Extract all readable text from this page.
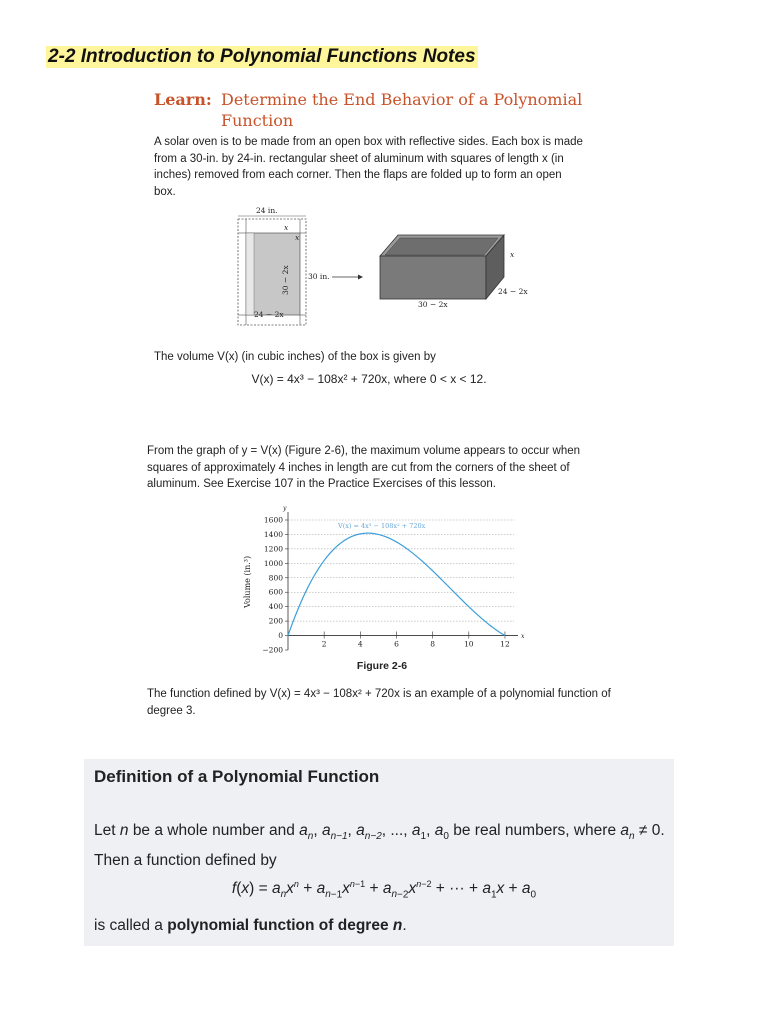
2-2 Introduction to Polynomial Functions Notes
Learn: Determine the End Behavior of a Polynomial Function
A solar oven is to be made from an open box with reflective sides. Each box is made from a 30-in. by 24-in. rectangular sheet of aluminum with squares of length x (in inches) removed from each corner. Then the flaps are folded up to form an open box.
24 in.
x
x
30 − 2x
24 − 2x
30 in.
x
30 − 2x
24 − 2x
The volume V(x) (in cubic inches) of the box is given by
V(x) = 4x³ − 108x² + 720x, where 0 < x < 12.
From the graph of y = V(x) (Figure 2-6), the maximum volume appears to occur when squares of approximately 4 inches in length are cut from the corners of the sheet of aluminum. See Exercise 107 in the Practice Exercises of this lesson.
−200
0
200
400
600
800
1000
1200
1400
1600
2	4	6	8	10	12
V(x) = 4x³ − 108x² + 720x
Volume (in.³)
y
x
Figure 2-6
The function defined by V(x) = 4x³ − 108x² + 720x is an example of a polynomial function of degree 3.
Definition of a Polynomial Function
Let n be a whole number and $a_n$, $a_{n-1}$, $a_{n-2}$, ..., $a_1$, $a_0$ be real numbers, where $a_n \ne 0$. Then a function defined by
$f(x) = a_nx^n + a_{n-1}x^{n-1} + a_{n-2}x^{n-2}$ + ··· + $a_1x + a_0$
is called a polynomial function of degree n.
